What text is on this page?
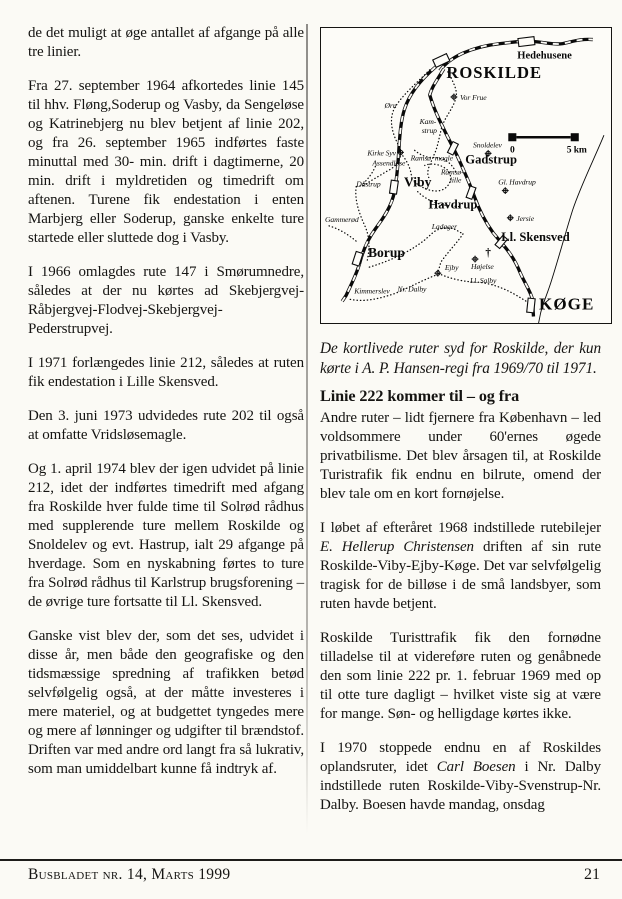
de det muligt at øge antallet af afgange på alle tre linier.

Fra 27. september 1964 afkortedes linie 145 til hhv. Fløng,Soderup og Vasby, da Sengeløse og Katrinebjerg nu blev betjent af linie 202, og fra 26. september 1965 indførtes faste minuttal med 30- min. drift i dagtimerne, 20 min. drift i myldretiden og timedrift om aftenen. Turene fik endestation i enten Marbjerg eller Soderup, ganske enkelte ture startede eller sluttede dog i Vasby.

I 1966 omlagdes rute 147 i Smørumnedre, således at der nu kørtes ad Skebjergvej-Råbjergvej-Flodvej-Skebjergvej-Pederstrupvej.

I 1971 forlængedes linie 212, således at ruten fik endestation i Lille Skensved.

Den 3. juni 1973 udvidedes rute 202 til også at omfatte Vridsløsemagle.

Og 1. april 1974 blev der igen udvidet på linie 212, idet der indførtes timedrift med afgang fra Roskilde hver fulde time til Solrød rådhus med supplerende ture mellem Roskilde og Snoldelev og evt. Hastrup, ialt 29 afgange på hverdage. Som en nyskabning førtes to ture fra Solrød rådhus til Karlstrup brugsforening – de øvrige ture fortsatte til Ll. Skensved.

Ganske vist blev der, som det ses, udvidet i disse år, men både den geografiske og den tidsmæssige spredning af trafikken betød selvfølgelig også, at der måtte investeres i mere materiel, og at budgettet tyngedes mere og mere af lønninger og udgifter til brændstof. Driften var med andre ord langt fra så lukrativ, som man umiddelbart kunne få indtryk af.

0	5 km
ROSKILDE
Hedehusene
Gadstrup
Viby
Havdrup
Ll. Skensved
Borup
KØGE
Vor Frue
Ørn
Kam-
strup
Kirke Syv
Assendløse
Ramsø magle
Dåstrup
Ramsø-
lille
Snoldelev
Gl. Havdrup
Jersie
Gammerød
Ladager
Ejby Højelse
Ll. Salby
Kimmerslev Nr. Dalby
†

De kortlivede ruter syd for Roskilde, der kun kørte i A. P. Hansen-regi fra 1969/70 til 1971.

Linie 222 kommer til – og fra

Andre ruter – lidt fjernere fra København – led voldsommere under 60'ernes øgede privatbilisme. Det blev årsagen til, at Roskilde Turistrafik fik endnu en bilrute, omend der blev tale om en kort fornøjelse.

I løbet af efteråret 1968 indstillede rutebilejer E. Hellerup Christensen driften af sin rute Roskilde-Viby-Ejby-Køge. Det var selvfølgelig tragisk for de billøse i de små landsbyer, som ruten havde betjent.

Roskilde Turisttrafik fik den fornødne tilladelse til at videreføre ruten og genåbnede den som linie 222 pr. 1. februar 1969 med op til otte ture dagligt – hvilket viste sig at være for mange. Søn- og helligdage kørtes ikke.

I 1970 stoppede endnu en af Roskildes oplandsruter, idet Carl Boesen i Nr. Dalby indstillede ruten Roskilde-Viby-Svenstrup-Nr. Dalby. Boesen havde mandag, onsdag

Busbladet nr. 14, Marts 1999	21
